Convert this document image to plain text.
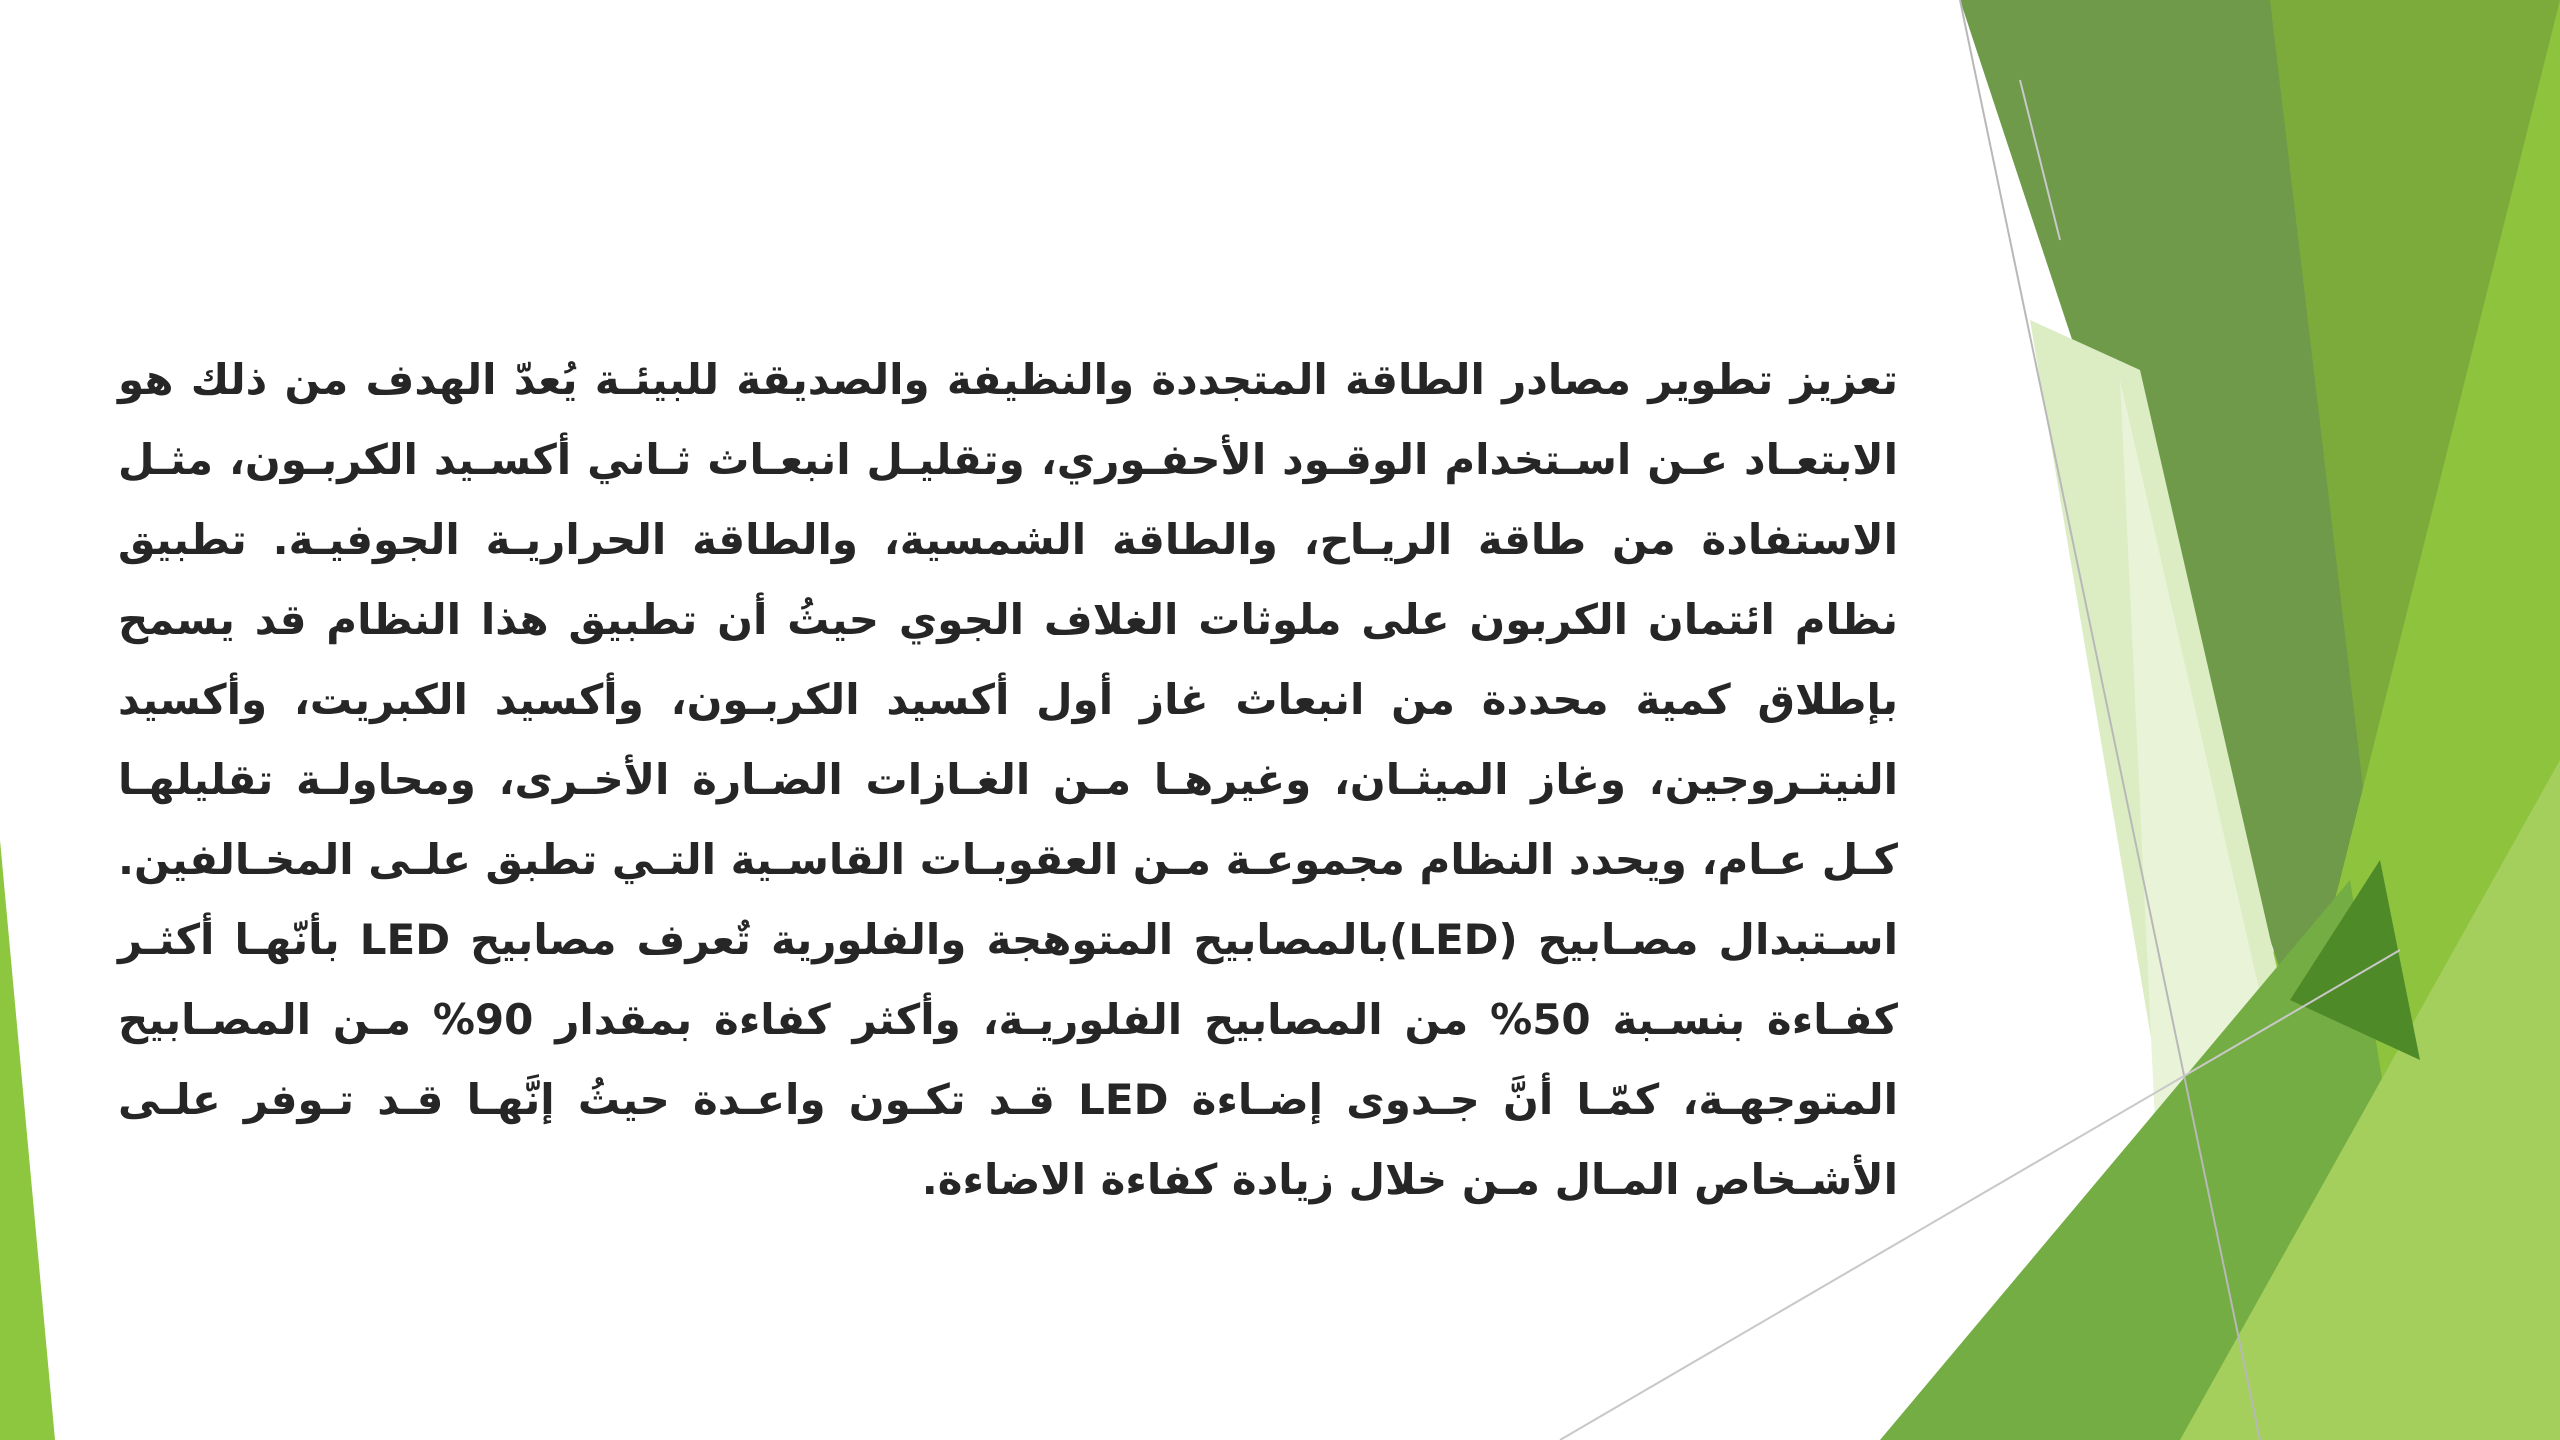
تعزيز تطوير مصادر الطاقة المتجددة والنظيفة والصديقة للبيئـة يُعدّ الهدف من ذلك هو الابتعـاد عـن اسـتخدام الوقـود الأحفـوري، وتقليـل انبعـاث ثـاني أكسـيد الكربـون، مثـل الاستفادة من طاقة الريـاح، والطاقة الشمسية، والطاقة الحراريـة الجوفيـة. تطبيق نظام ائتمان الكربون على ملوثات الغلاف الجوي حيثُ أن تطبيق هذا النظام قد يسمح بإطلاق كمية محددة من انبعاث غاز أول أكسيد الكربـون، وأكسيد الكبريت، وأكسيد النيتـروجين، وغاز الميثـان، وغيرهـا مـن الغـازات الضـارة الأخـرى، ومحاولـة تقليلهـا كـل عـام، ويحدد النظام مجموعـة مـن العقوبـات القاسـية التـي تطبق علـى المخـالفين. اسـتبدال مصـابيح (LED)بالمصابيح المتوهجة والفلورية تٌعرف مصابيح LED بأنّهـا أكثـر كفـاءة بنسـبة 50% من المصابيح الفلوريـة، وأكثر كفاءة بمقدار 90% مـن المصـابيح المتوجهـة، كمّـا أنَّ جـدوى إضـاءة LED قـد تكـون واعـدة حيثُ إنَّهـا قـد تـوفر علـى الأشـخاص المـال مـن خلال زيادة كفاءة الاضاءة.
